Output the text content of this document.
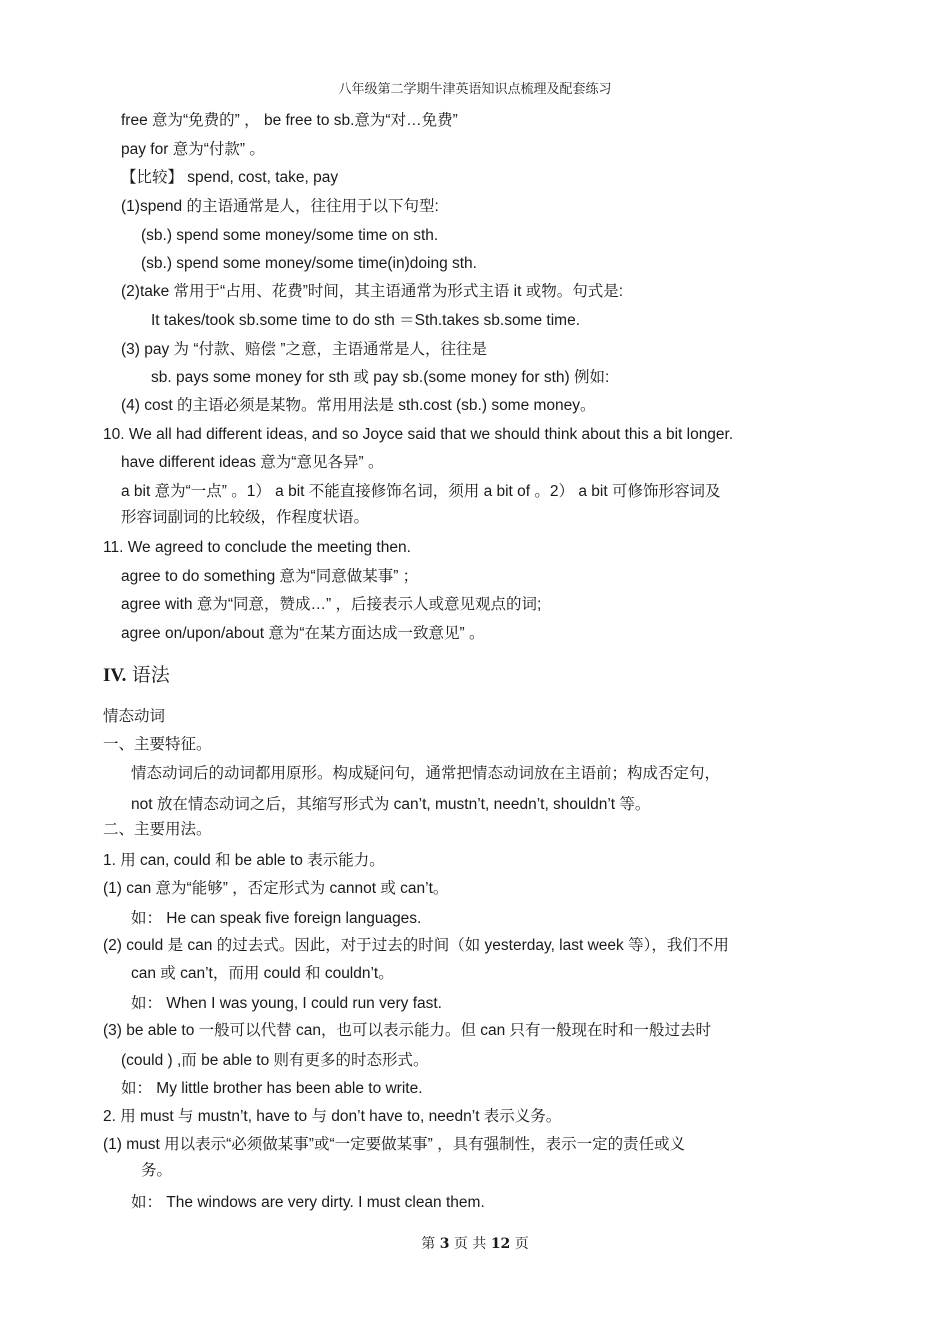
八年级第二学期牛津英语知识点梳理及配套练习
free 意为“免费的” ， be free to sb.意为“对…免费”
pay for 意为“付款” 。
【比较】 spend, cost, take, pay
(1)spend 的主语通常是人，往往用于以下句型:
(sb.) spend some money/some time on sth.
(sb.) spend some money/some time(in)doing sth.
(2)take 常用于“占用、花费”时间，其主语通常为形式主语 it 或物。句式是:
It takes/took sb.some time to do sth ＝Sth.takes sb.some time.
(3) pay 为 “付款、赔偿 ”之意，主语通常是人，往往是
sb. pays some money for sth 或 pay sb.(some money for sth) 例如:
(4) cost 的主语必须是某物。常用用法是 sth.cost (sb.) some money。
10. We all had different ideas, and so Joyce said that we should think about this a bit longer.
have different ideas 意为“意见各异” 。
a bit 意为“一点” 。1） a bit 不能直接修饰名词，须用 a bit of 。2） a bit 可修饰形容词及
形容词副词的比较级，作程度状语。
11. We agreed to conclude the meeting then.
agree to do something 意为“同意做某事” ；
agree with 意为“同意，赞成…” ，后接表示人或意见观点的词;
agree on/upon/about 意为“在某方面达成一致意见” 。
IV. 语法
情态动词
一、主要特征。
情态动词后的动词都用原形。构成疑问句，通常把情态动词放在主语前；构成否定句，
not 放在情态动词之后，其缩写形式为 can’t, mustn’t, needn’t, shouldn’t 等。
二、主要用法。
1. 用 can, could 和 be able to 表示能力。
(1) can 意为“能够” ，否定形式为 cannot 或 can’t。
如： He can speak five foreign languages.
(2) could 是 can 的过去式。因此，对于过去的时间（如 yesterday, last week 等），我们不用
can 或 can’t，而用 could 和 couldn’t。
如： When I was young, I could run very fast.
(3) be able to 一般可以代替 can，也可以表示能力。但 can 只有一般现在时和一般过去时
(could ) ,而 be able to 则有更多的时态形式。
如： My little brother has been able to write.
2. 用 must 与 mustn’t, have to 与 don’t have to, needn’t 表示义务。
(1) must 用以表示“必须做某事”或“一定要做某事” ，具有强制性，表示一定的责任或义
务。
如： The windows are very dirty. I must clean them.
第 3 页 共 12 页
